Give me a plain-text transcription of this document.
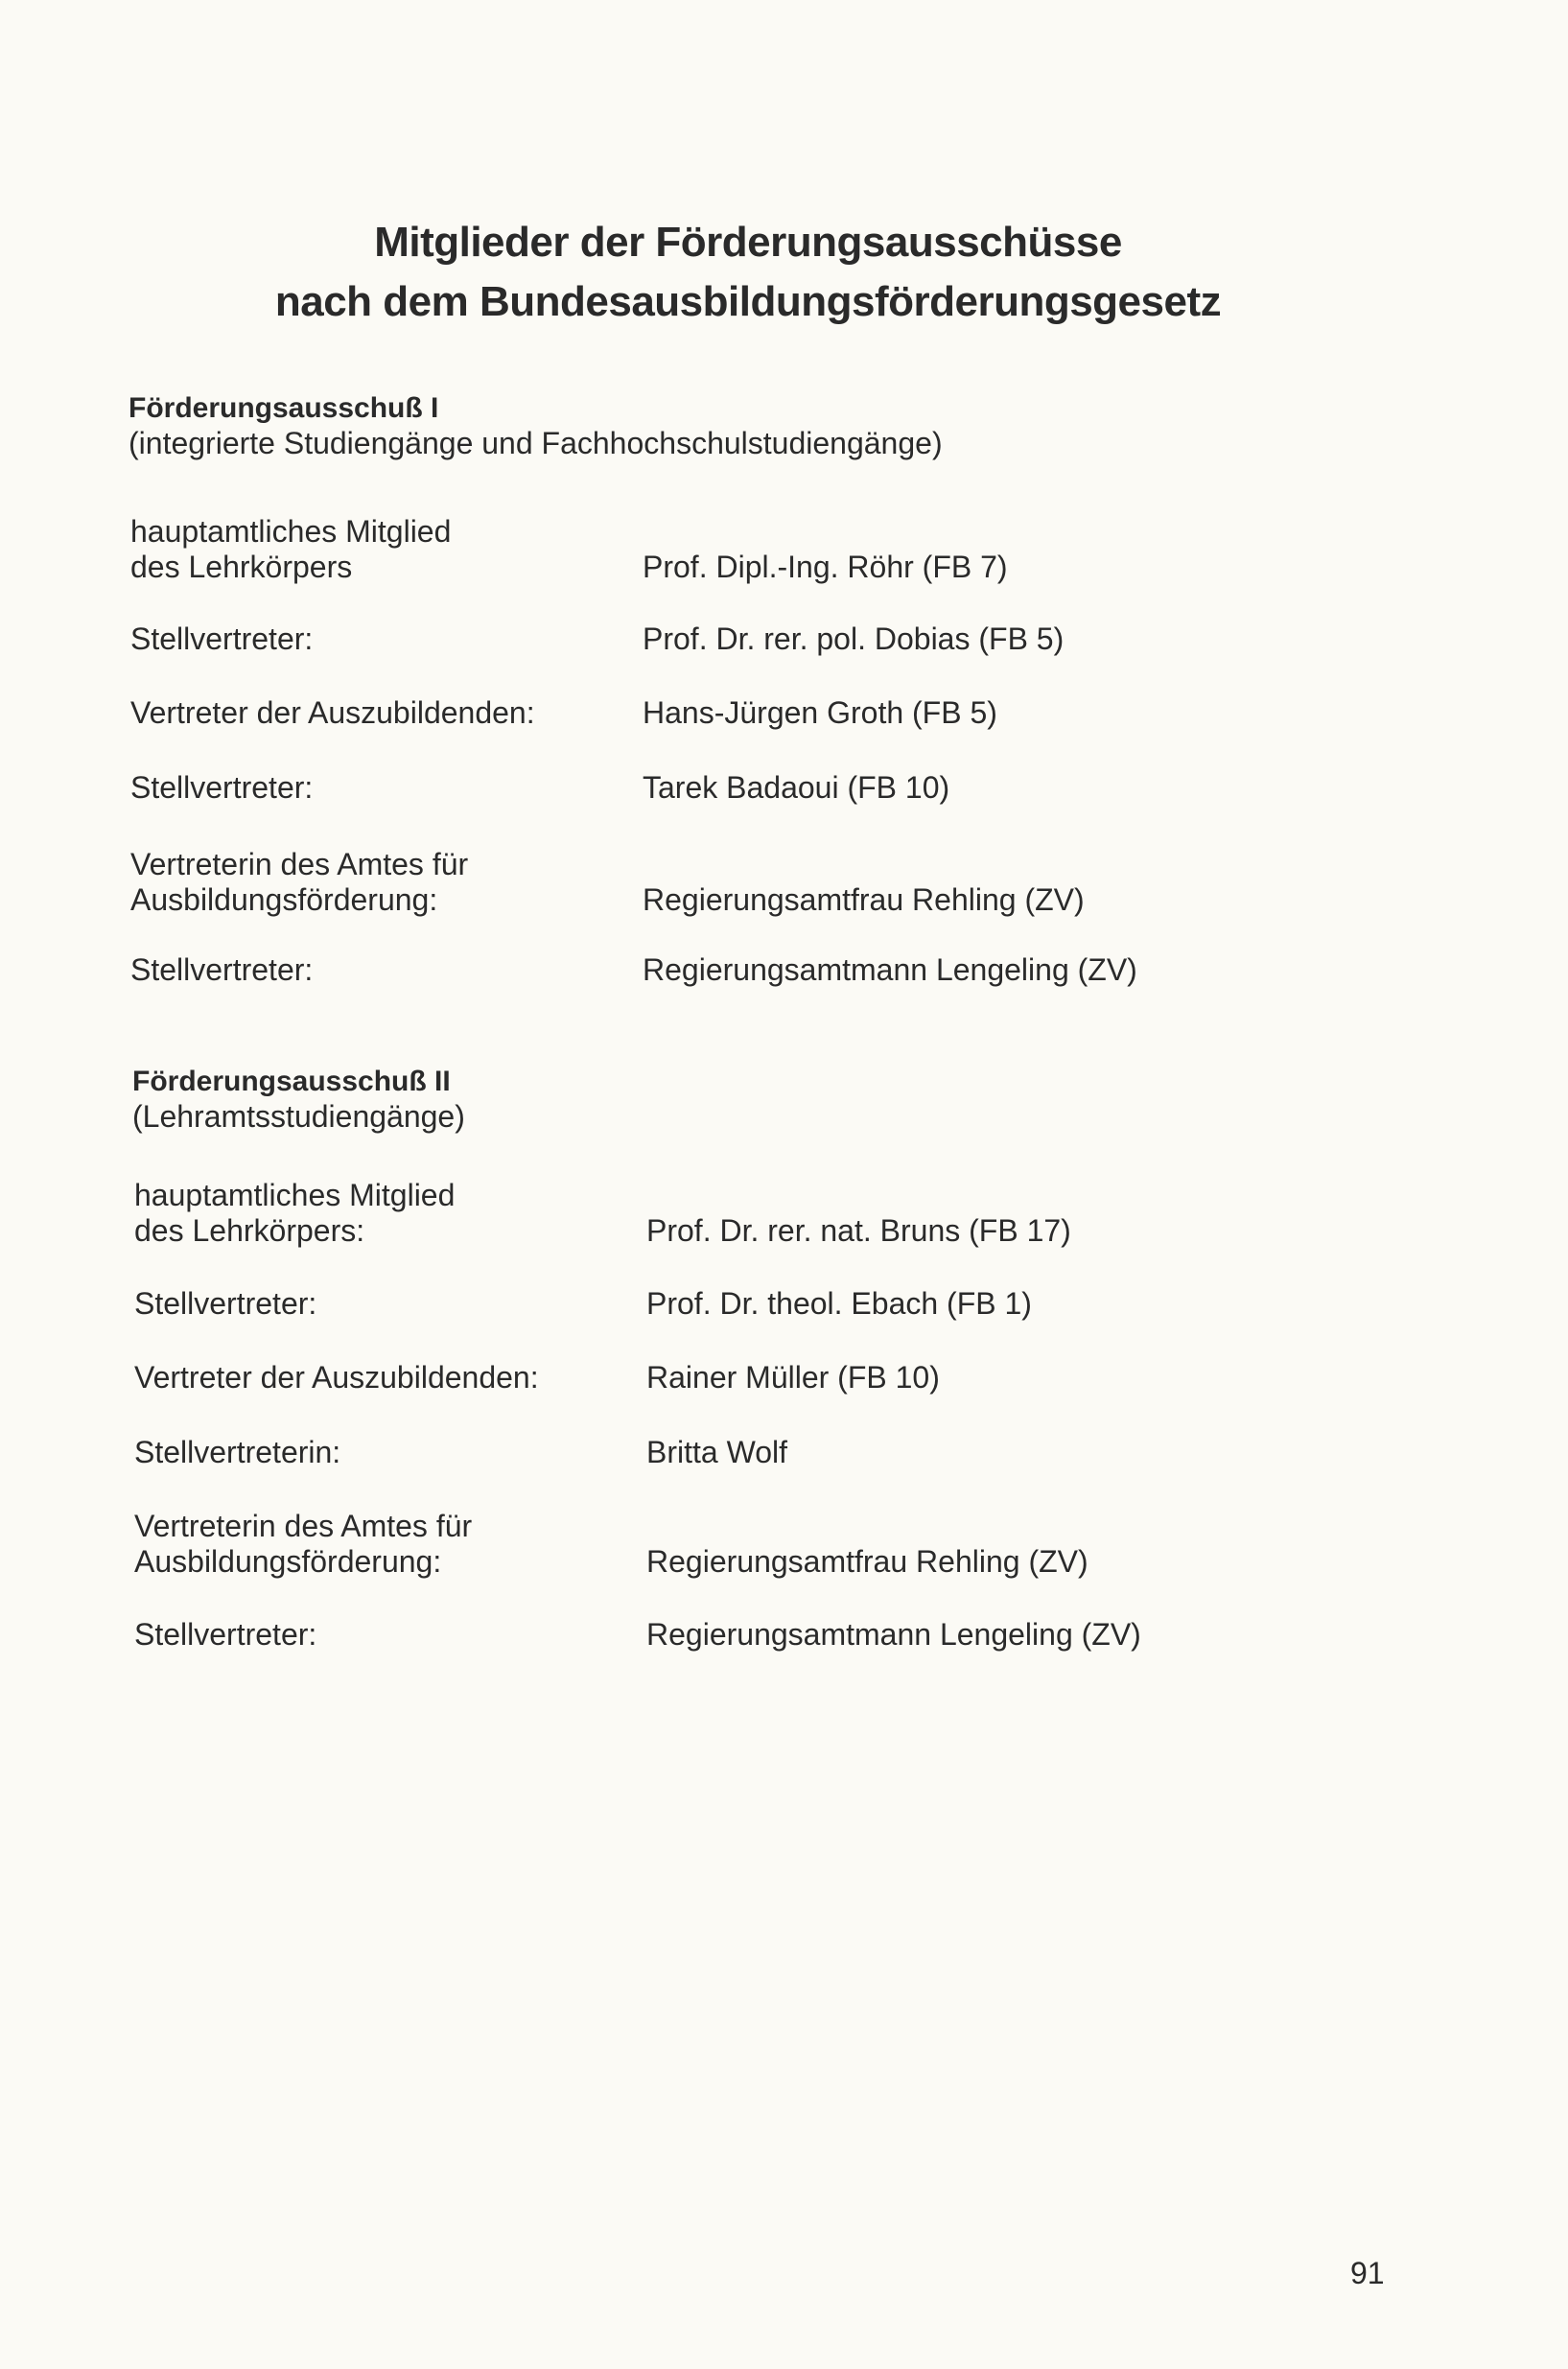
Mitglieder der Förderungsausschüsse
nach dem Bundesausbildungsförderungsgesetz
Förderungsausschuß I
(integrierte Studiengänge und Fachhochschulstudiengänge)
hauptamtliches Mitglied
des Lehrkörpers	Prof. Dipl.-Ing. Röhr (FB 7)
Stellvertreter:	Prof. Dr. rer. pol. Dobias (FB 5)
Vertreter der Auszubildenden:	Hans-Jürgen Groth (FB 5)
Stellvertreter:	Tarek Badaoui (FB 10)
Vertreterin des Amtes für
Ausbildungsförderung:	Regierungsamtfrau Rehling (ZV)
Stellvertreter:	Regierungsamtmann Lengeling (ZV)
Förderungsausschuß II
(Lehramtsstudiengänge)
hauptamtliches Mitglied
des Lehrkörpers:	Prof. Dr. rer. nat. Bruns (FB 17)
Stellvertreter:	Prof. Dr. theol. Ebach (FB 1)
Vertreter der Auszubildenden:	Rainer Müller (FB 10)
Stellvertreterin:	Britta Wolf
Vertreterin des Amtes für
Ausbildungsförderung:	Regierungsamtfrau Rehling (ZV)
Stellvertreter:	Regierungsamtmann Lengeling (ZV)
91
